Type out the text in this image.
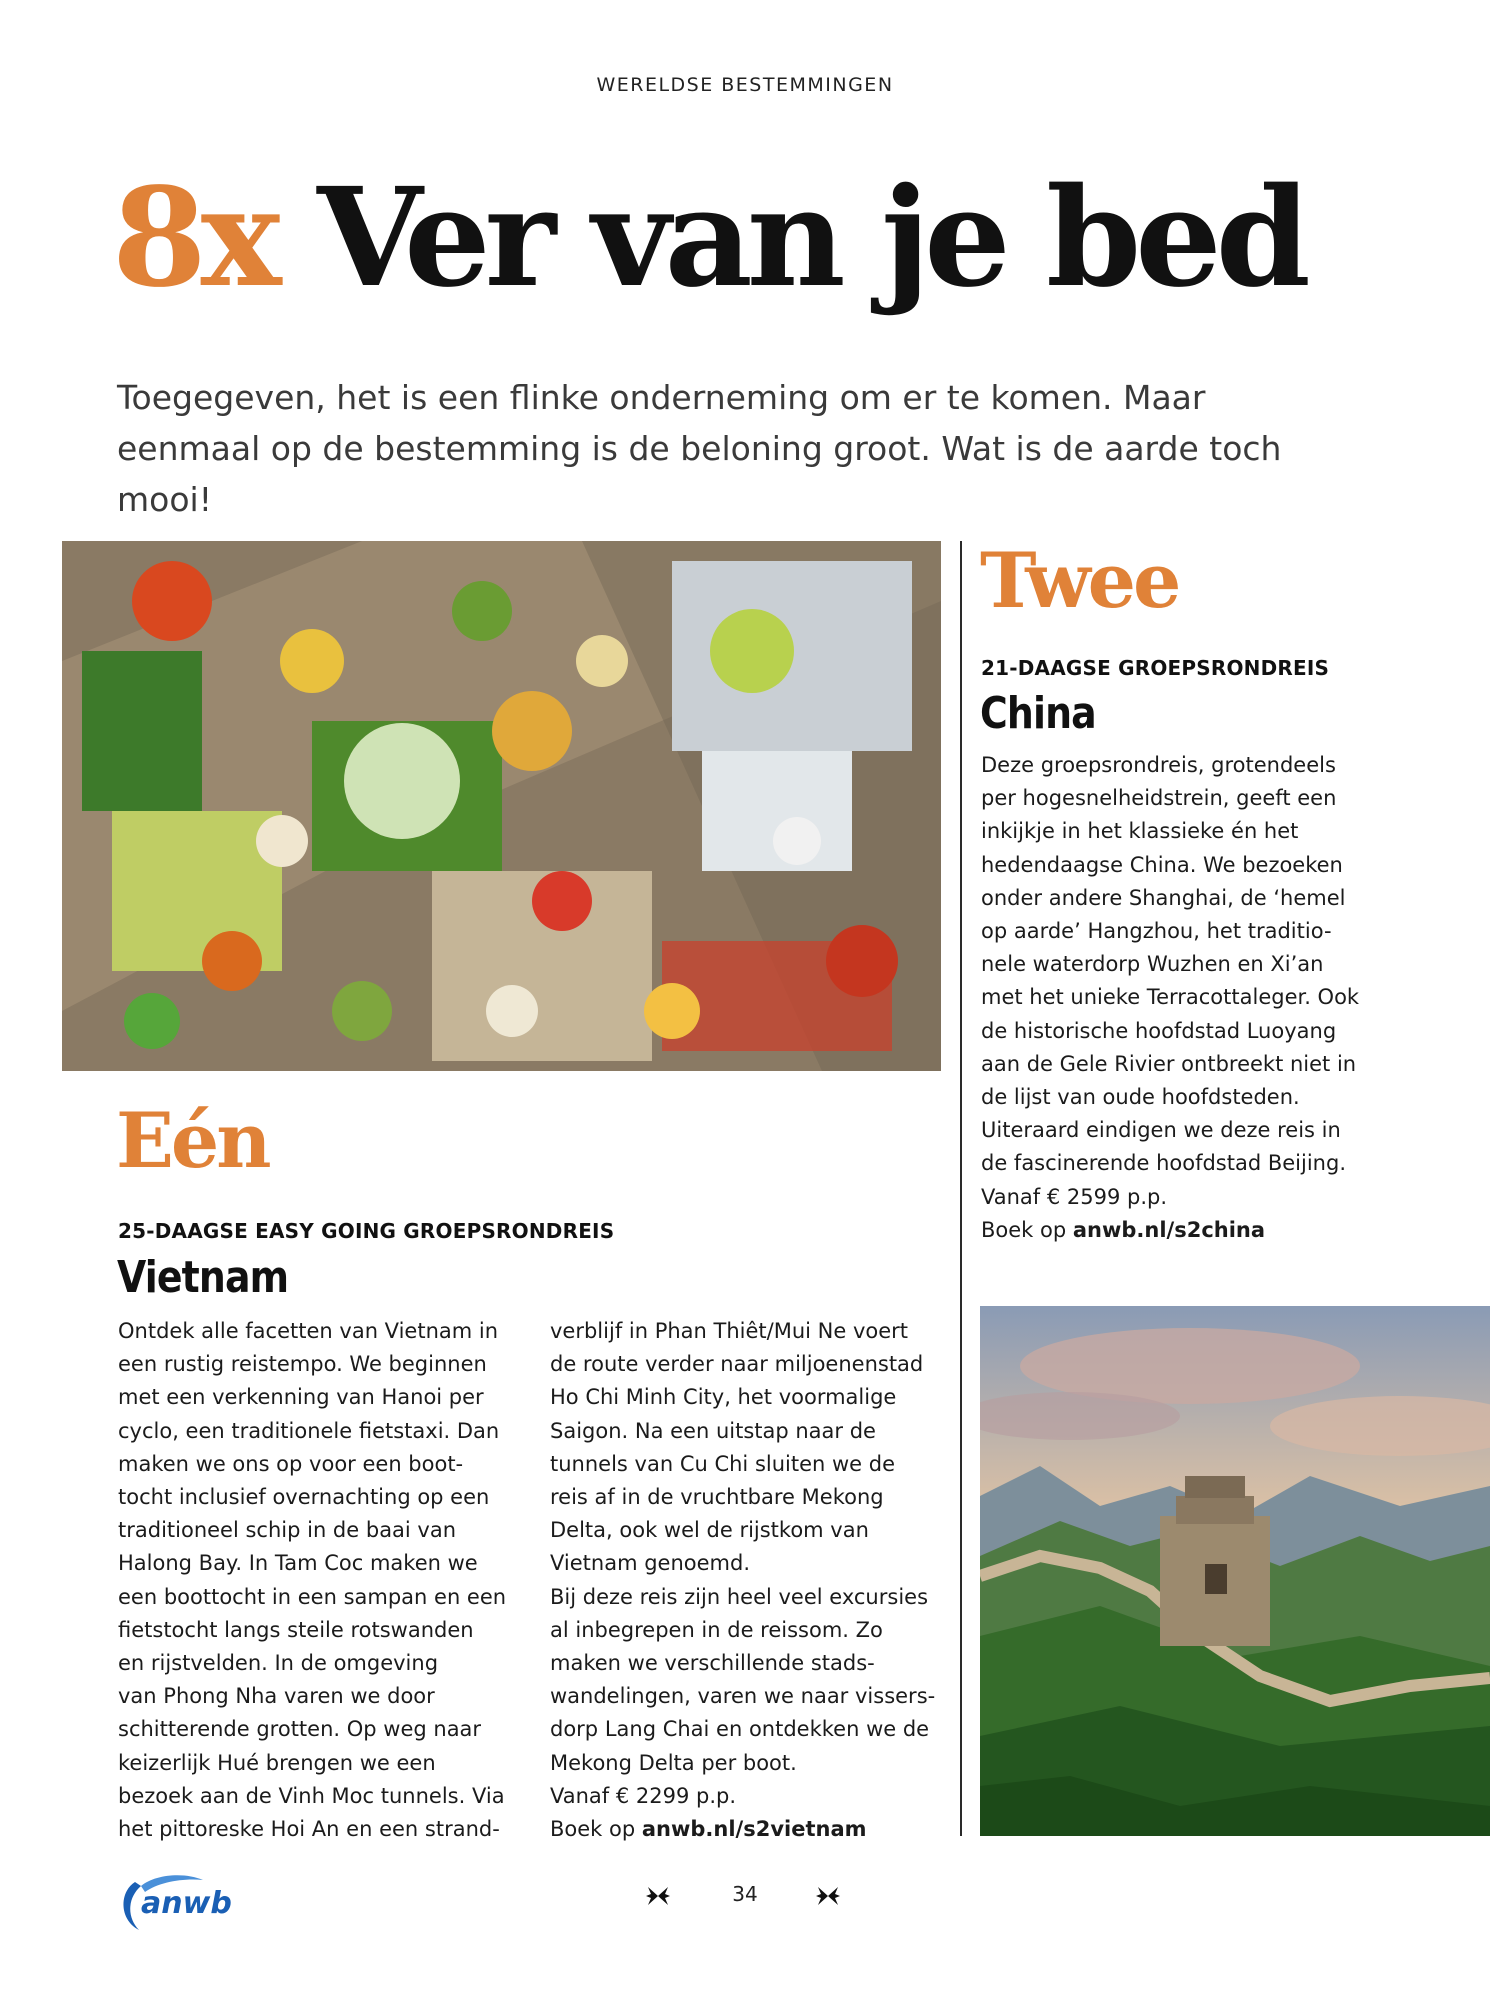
WERELDSE BESTEMMINGEN
8x Ver van je bed

Toegegeven, het is een flinke onderneming om er te komen. Maar eenmaal op de bestemming is de beloning groot. Wat is de aarde toch mooi!

Eén

25-DAAGSE EASY GOING GROEPSRONDREIS

Vietnam

Ontdek alle facetten van Vietnam in

een rustig reistempo. We beginnen

met een verkenning van Hanoi per

cyclo, een traditionele fietstaxi. Dan

maken we ons op voor een boot-

tocht inclusief overnachting op een

traditioneel schip in de baai van

Halong Bay. In Tam Coc maken we

een boottocht in een sampan en een

fietstocht langs steile rotswanden

en rijstvelden. In de omgeving

van Phong Nha varen we door

schitterende grotten. Op weg naar

keizerlijk Hué brengen we een

bezoek aan de Vinh Moc tunnels. Via

het pittoreske Hoi An en een strand-

verblijf in Phan Thiêt/Mui Ne voert

de route verder naar miljoenenstad

Ho Chi Minh City, het voormalige

Saigon. Na een uitstap naar de

tunnels van Cu Chi sluiten we de

reis af in de vruchtbare Mekong

Delta, ook wel de rijstkom van

Vietnam genoemd.

Bij deze reis zijn heel veel excursies

al inbegrepen in de reissom. Zo

maken we verschillende stads-

wandelingen, varen we naar vissers-

dorp Lang Chai en ontdekken we de

Mekong Delta per boot.

Vanaf € 2299 p.p.

Boek op anwb.nl/s2vietnam

Twee

21-DAAGSE GROEPSRONDREIS

China

Deze groepsrondreis, grotendeels

per hogesnelheidstrein, geeft een

inkijkje in het klassieke én het

hedendaagse China. We bezoeken

onder andere Shanghai, de ‘hemel

op aarde’ Hangzhou, het traditio-

nele waterdorp Wuzhen en Xi’an

met het unieke Terracottaleger. Ook

de historische hoofdstad Luoyang

aan de Gele Rivier ontbreekt niet in

de lijst van oude hoofdsteden.

Uiteraard eindigen we deze reis in

de fascinerende hoofdstad Beijing.

Vanaf € 2599 p.p.

Boek op anwb.nl/s2china

anwb	34
